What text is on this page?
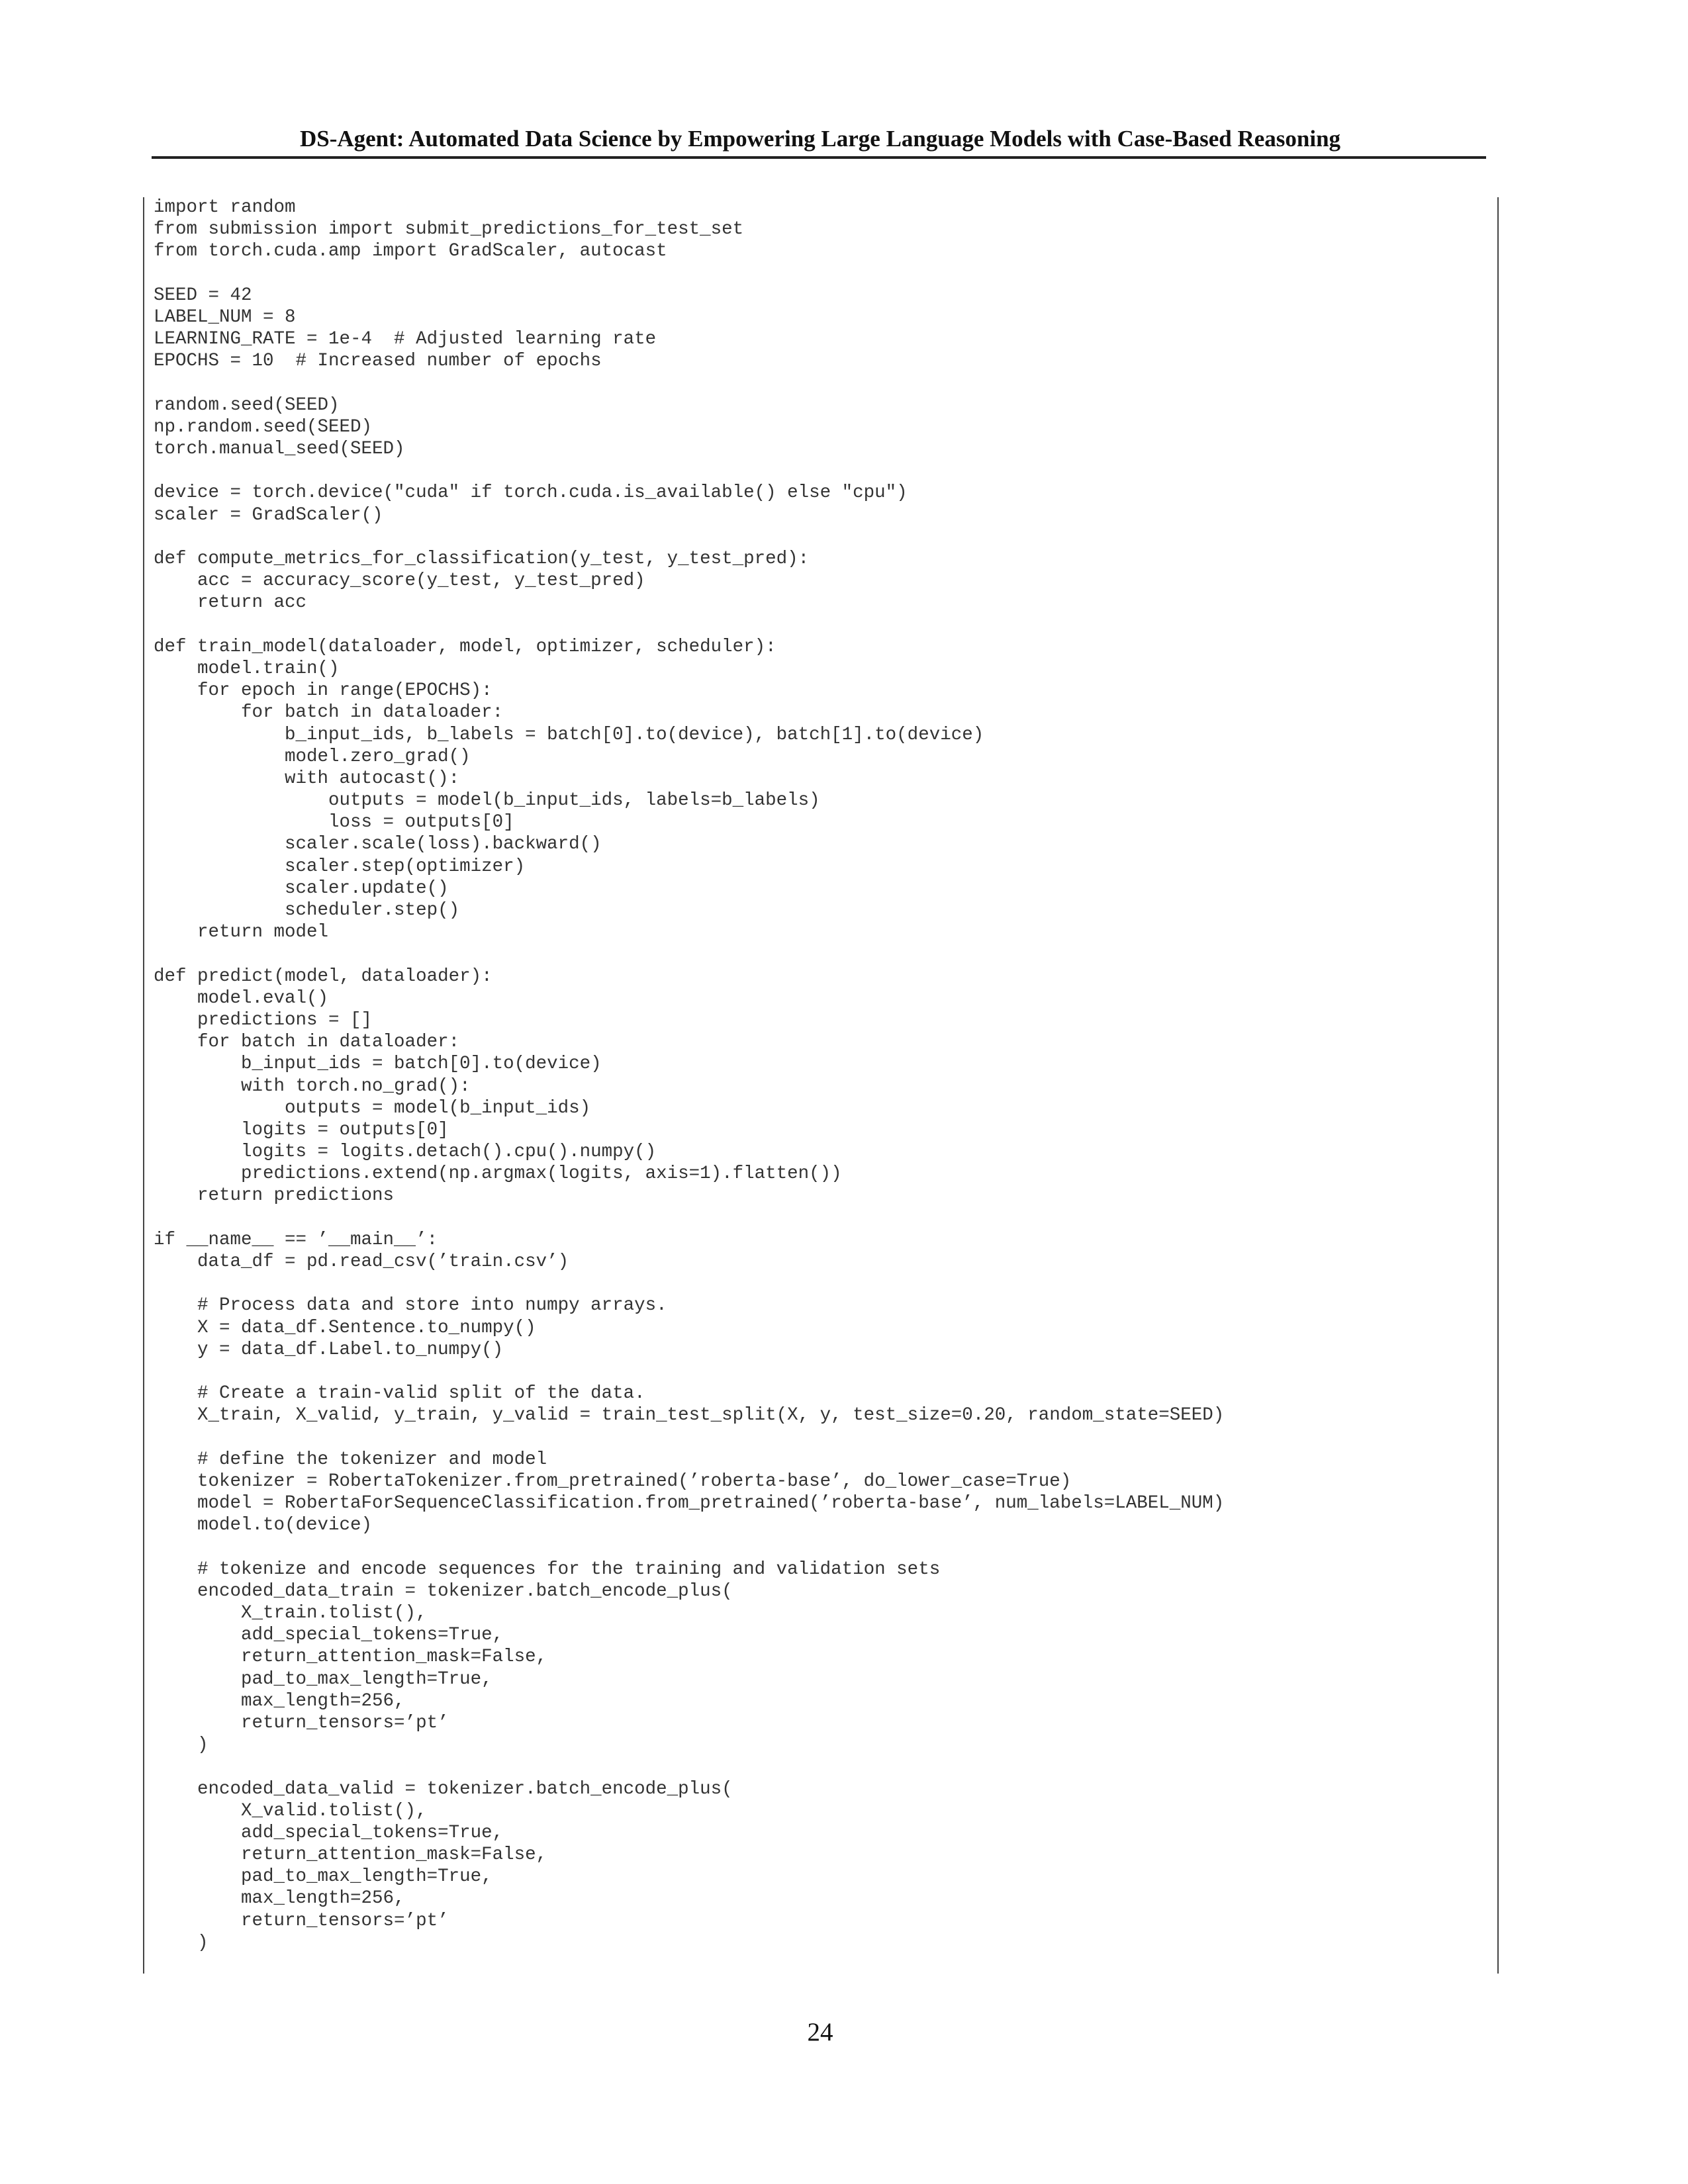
DS-Agent: Automated Data Science by Empowering Large Language Models with Case-Based Reasoning
import random
from submission import submit_predictions_for_test_set
from torch.cuda.amp import GradScaler, autocast
SEED = 42
LABEL_NUM = 8
LEARNING_RATE = 1e-4  # Adjusted learning rate
EPOCHS = 10  # Increased number of epochs
random.seed(SEED)
np.random.seed(SEED)
torch.manual_seed(SEED)
device = torch.device("cuda" if torch.cuda.is_available() else "cpu")
scaler = GradScaler()
def compute_metrics_for_classification(y_test, y_test_pred):
acc = accuracy_score(y_test, y_test_pred)
return acc
def train_model(dataloader, model, optimizer, scheduler):
model.train()
for epoch in range(EPOCHS):
for batch in dataloader:
b_input_ids, b_labels = batch[0].to(device), batch[1].to(device)
model.zero_grad()
with autocast():
outputs = model(b_input_ids, labels=b_labels)
loss = outputs[0]
scaler.scale(loss).backward()
scaler.step(optimizer)
scaler.update()
scheduler.step()
return model
def predict(model, dataloader):
model.eval()
predictions = []
for batch in dataloader:
b_input_ids = batch[0].to(device)
with torch.no_grad():
outputs = model(b_input_ids)
logits = outputs[0]
logits = logits.detach().cpu().numpy()
predictions.extend(np.argmax(logits, axis=1).flatten())
return predictions
if __name__ == ’__main__’:
data_df = pd.read_csv(’train.csv’)
# Process data and store into numpy arrays.
X = data_df.Sentence.to_numpy()
y = data_df.Label.to_numpy()
# Create a train-valid split of the data.
X_train, X_valid, y_train, y_valid = train_test_split(X, y, test_size=0.20, random_state=SEED)
# define the tokenizer and model
tokenizer = RobertaTokenizer.from_pretrained(’roberta-base’, do_lower_case=True)
model = RobertaForSequenceClassification.from_pretrained(’roberta-base’, num_labels=LABEL_NUM)
model.to(device)
# tokenize and encode sequences for the training and validation sets
encoded_data_train = tokenizer.batch_encode_plus(
X_train.tolist(),
add_special_tokens=True,
return_attention_mask=False,
pad_to_max_length=True,
max_length=256,
return_tensors=’pt’
)
encoded_data_valid = tokenizer.batch_encode_plus(
X_valid.tolist(),
add_special_tokens=True,
return_attention_mask=False,
pad_to_max_length=True,
max_length=256,
return_tensors=’pt’
)
24
